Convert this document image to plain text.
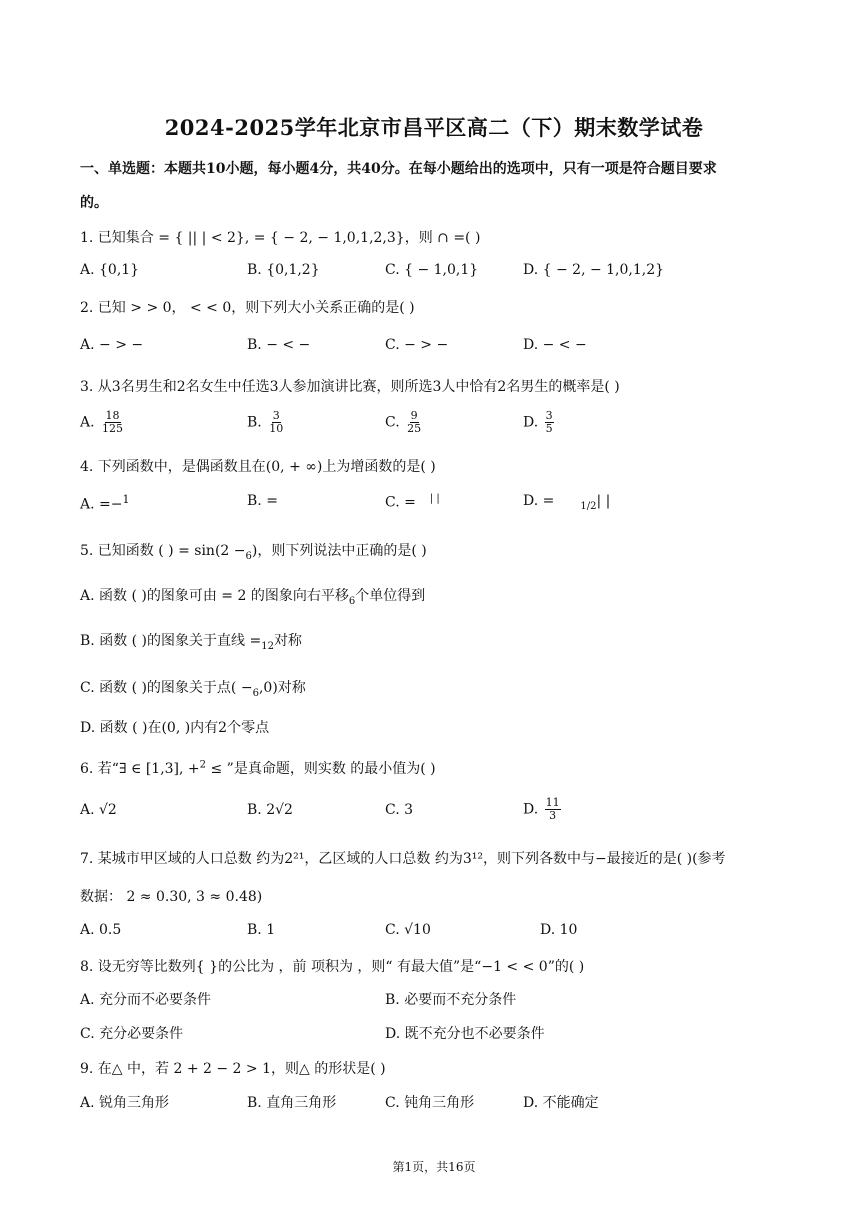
2024-2025学年北京市昌平区高二（下）期末数学试卷
一、单选题：本题共10小题，每小题4分，共40分。在每小题给出的选项中，只有一项是符合题目要求
的。
1. 已知集合 = { || | < 2}, = { − 2, − 1,0,1,2,3}，则 ∩ =( )
A. {0,1}	B. {0,1,2}	C. { − 1,0,1}	D. { − 2, − 1,0,1,2}
2. 已知 > > 0， < < 0，则下列大小关系正确的是( )
A. − > −	B. − < −	C. − > −	D. − < −
3. 从3名男生和2名女生中任选3人参加演讲比赛，则所选3人中恰有2名男生的概率是( )
A. $\frac{18}{125}$	B. $\frac{3}{10}$	C. $\frac{9}{25}$	D. $\frac{3}{5}$
4. 下列函数中，是偶函数且在(0, + ∞)上为增函数的是( )
A. =−$^1$	B. =	C. = | |	D. =	$_{1/2}$| |
5. 已知函数 ( ) = $\sin(2 -_6)$，则下列说法中正确的是( )
A. 函数 ( )的图象可由 = 2 的图象向右平移$_6$个单位得到
B. 函数 ( )的图象关于直线 $=_{12}$对称
C. 函数 ( )的图象关于点( $-_6,0$)对称
D. 函数 ( )在(0, )内有2个零点
6. 若“∃ ∈ [1,3], +$^2$ ≤ ”是真命题，则实数 的最小值为( )
A. √2	B. 2√2	C. 3	D. $\frac{11}{3}$
7. 某城市甲区域的人口总数 约为2²¹，乙区域的人口总数 约为3¹²，则下列各数中与−最接近的是( )(参考
数据： 2 ≈ 0.30, 3 ≈ 0.48)
A. 0.5	B. 1	C. √10	D. 10
8. 设无穷等比数列{ }的公比为 ，前 项积为 ，则“ 有最大值”是“−1 < < 0”的( )
A. 充分而不必要条件	B. 必要而不充分条件
C. 充分必要条件	D. 既不充分也不必要条件
9. 在△ 中，若 2 + 2 − 2 > 1，则△ 的形状是( )
A. 锐角三角形	B. 直角三角形	C. 钝角三角形	D. 不能确定
第1页，共16页
